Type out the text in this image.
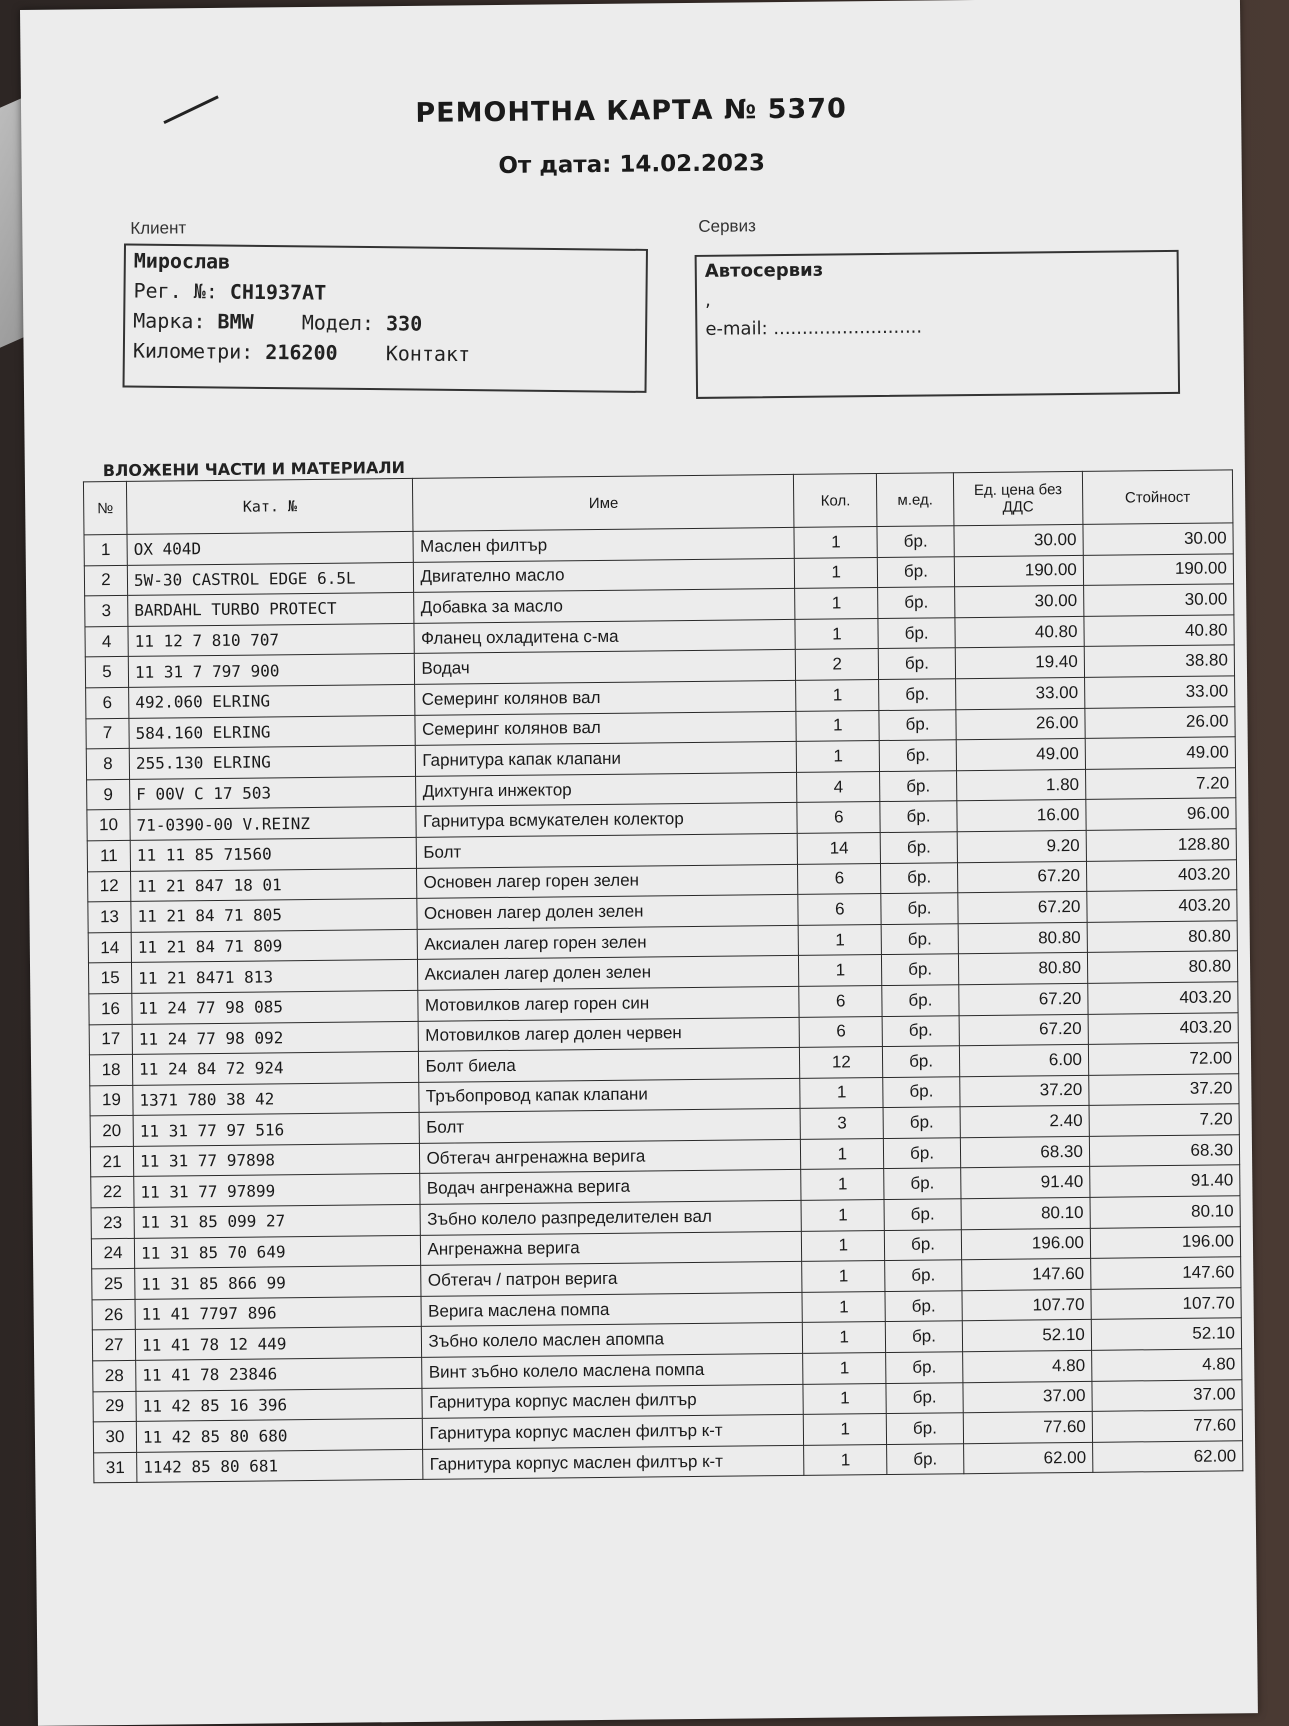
РЕМОНТНА КАРТА № 5370
От дата: 14.02.2023
Клиент	Сервиз
Мирослав
Рег. №: CH1937AT
Марка: BMW Модел: 330
Километри: 216200 Контакт
Автосервиз
,
e-mail: ..........................
ВЛОЖЕНИ ЧАСТИ И МАТЕРИАЛИ
№	Кат. №	Име	Кол.	м.ед.	Ед. цена без ДДС	Стойност
1	OX 404D	Маслен филтър	1	бр.	30.00	30.00
2	5W-30 CASTROL EDGE 6.5L	Двигателно масло	1	бр.	190.00	190.00
3	BARDAHL TURBO PROTECT	Добавка за масло	1	бр.	30.00	30.00
4	11 12 7 810 707	Фланец охладитена с-ма	1	бр.	40.80	40.80
5	11 31 7 797 900	Водач	2	бр.	19.40	38.80
6	492.060 ELRING	Семеринг колянов вал	1	бр.	33.00	33.00
7	584.160 ELRING	Семеринг колянов вал	1	бр.	26.00	26.00
8	255.130 ELRING	Гарнитура капак клапани	1	бр.	49.00	49.00
9	F 00V C 17 503	Дихтунга инжектор	4	бр.	1.80	7.20
10	71-0390-00 V.REINZ	Гарнитура всмукателен колектор	6	бр.	16.00	96.00
11	11 11 85 71560	Болт	14	бр.	9.20	128.80
12	11 21 847 18 01	Основен лагер горен зелен	6	бр.	67.20	403.20
13	11 21 84 71 805	Основен лагер долен зелен	6	бр.	67.20	403.20
14	11 21 84 71 809	Аксиален лагер горен зелен	1	бр.	80.80	80.80
15	11 21 8471 813	Аксиален лагер долен зелен	1	бр.	80.80	80.80
16	11 24 77 98 085	Мотовилков лагер горен син	6	бр.	67.20	403.20
17	11 24 77 98 092	Мотовилков лагер долен червен	6	бр.	67.20	403.20
18	11 24 84 72 924	Болт биела	12	бр.	6.00	72.00
19	1371 780 38 42	Тръбопровод капак клапани	1	бр.	37.20	37.20
20	11 31 77 97 516	Болт	3	бр.	2.40	7.20
21	11 31 77 97898	Обтегач ангренажна верига	1	бр.	68.30	68.30
22	11 31 77 97899	Водач ангренажна верига	1	бр.	91.40	91.40
23	11 31 85 099 27	Зъбно колело разпределителен вал	1	бр.	80.10	80.10
24	11 31 85 70 649	Ангренажна верига	1	бр.	196.00	196.00
25	11 31 85 866 99	Обтегач / патрон верига	1	бр.	147.60	147.60
26	11 41 7797 896	Верига маслена помпа	1	бр.	107.70	107.70
27	11 41 78 12 449	Зъбно колело маслен апомпа	1	бр.	52.10	52.10
28	11 41 78 23846	Винт зъбно колело маслена помпа	1	бр.	4.80	4.80
29	11 42 85 16 396	Гарнитура корпус маслен филтър	1	бр.	37.00	37.00
30	11 42 85 80 680	Гарнитура корпус маслен филтър к-т	1	бр.	77.60	77.60
31	1142 85 80 681	Гарнитура корпус маслен филтър к-т	1	бр.	62.00	62.00
